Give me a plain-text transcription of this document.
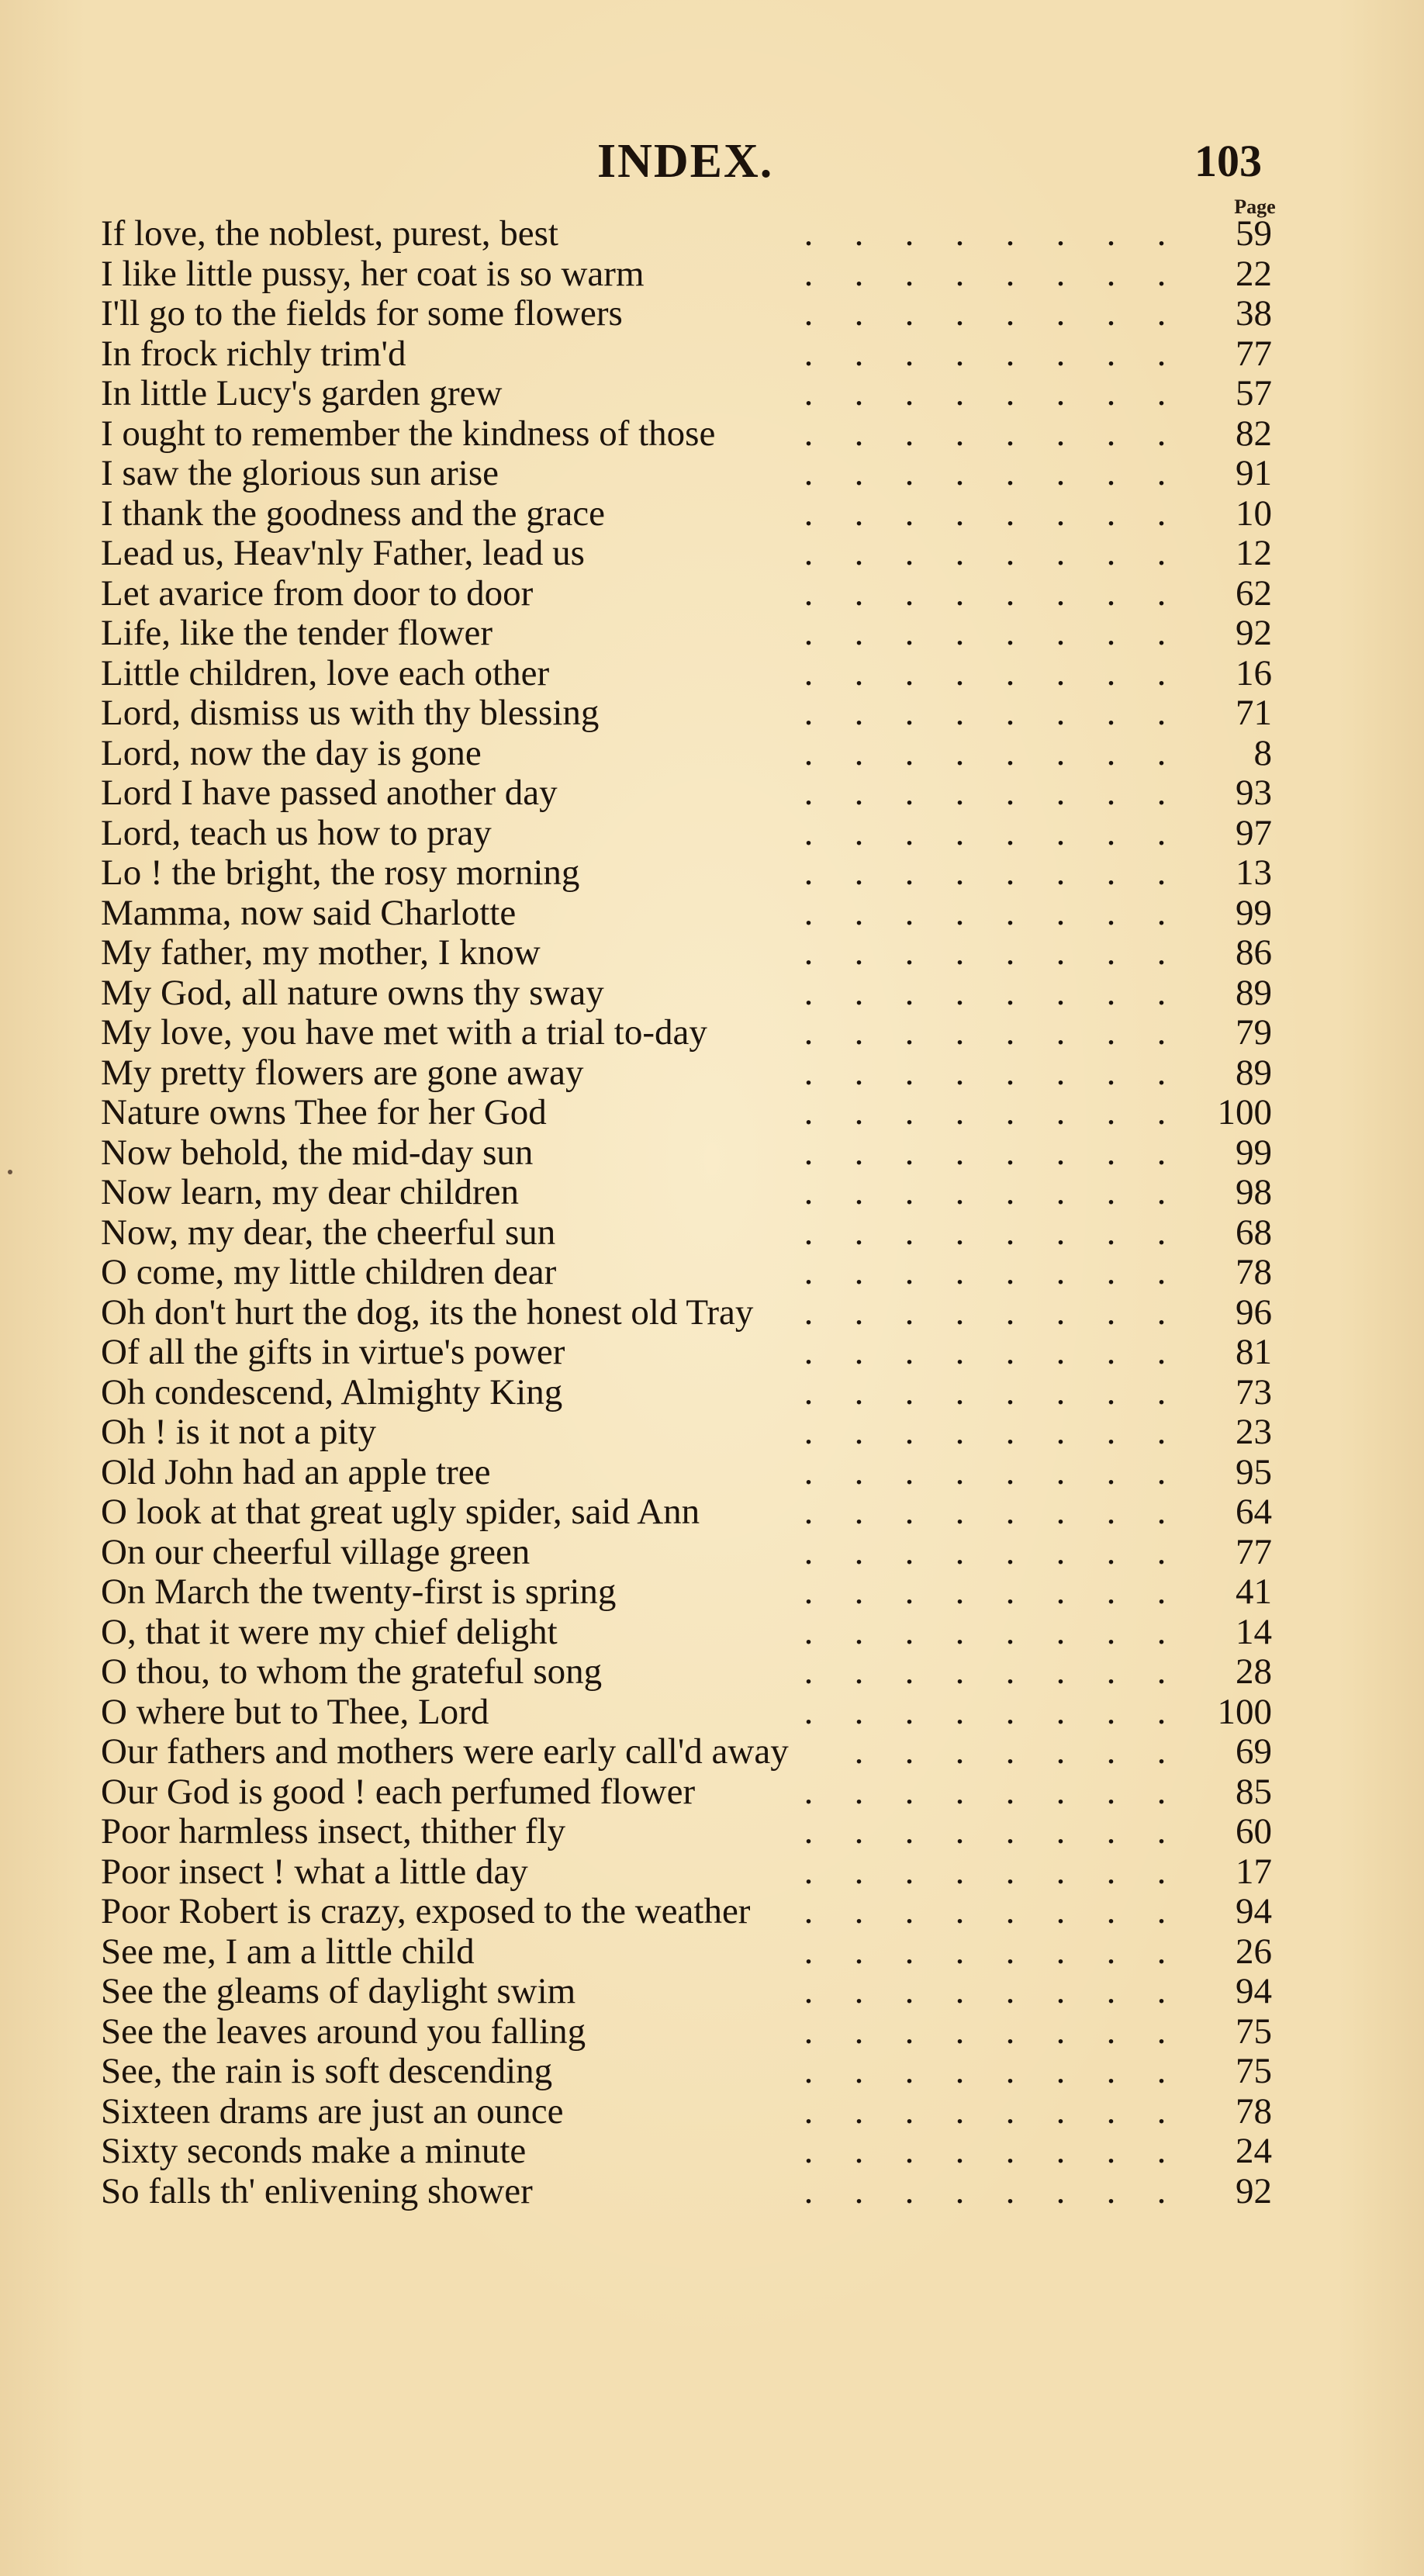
INDEX.	103
Page
. . . . . . . .
If love, the noblest, purest, best	59
. . . . . . . .
I like little pussy, her coat is so warm	22
. . . . . . . .
I'll go to the fields for some flowers	38
. . . . . . . .
In frock richly trim'd	77
. . . . . . . .
In little Lucy's garden grew	57
. . . . . . . .
I ought to remember the kindness of those	82
. . . . . . . .
I saw the glorious sun arise	91
. . . . . . . .
I thank the goodness and the grace	10
. . . . . . . .
Lead us, Heav'nly Father, lead us	12
. . . . . . . .
Let avarice from door to door	62
. . . . . . . .
Life, like the tender flower	92
. . . . . . . .
Little children, love each other	16
. . . . . . . .
Lord, dismiss us with thy blessing	71
. . . . . . . .
Lord, now the day is gone	8
. . . . . . . .
Lord I have passed another day	93
. . . . . . . .
Lord, teach us how to pray	97
. . . . . . . .
Lo ! the bright, the rosy morning	13
. . . . . . . .
Mamma, now said Charlotte	99
. . . . . . . .
My father, my mother, I know	86
. . . . . . . .
My God, all nature owns thy sway	89
. . . . . . . .
My love, you have met with a trial to-day	79
. . . . . . . .
My pretty flowers are gone away	89
. . . . . . . .
Nature owns Thee for her God	100
. . . . . . . .
Now behold, the mid-day sun	99
. . . . . . . .
Now learn, my dear children	98
. . . . . . . .
Now, my dear, the cheerful sun	68
. . . . . . . .
O come, my little children dear	78
. . . . . . . .
Oh don't hurt the dog, its the honest old Tray	96
. . . . . . . .
Of all the gifts in virtue's power	81
. . . . . . . .
Oh condescend, Almighty King	73
. . . . . . . .
Oh ! is it not a pity	23
. . . . . . . .
Old John had an apple tree	95
. . . . . . . .
O look at that great ugly spider, said Ann	64
. . . . . . . .
On our cheerful village green	77
. . . . . . . .
On March the twenty-first is spring	41
. . . . . . . .
O, that it were my chief delight	14
. . . . . . . .
O thou, to whom the grateful song	28
. . . . . . . .
O where but to Thee, Lord	100
. . . . . . .
Our fathers and mothers were early call'd away	69
. . . . . . . .
Our God is good ! each perfumed flower	85
. . . . . . . .
Poor harmless insect, thither fly	60
. . . . . . . .
Poor insect ! what a little day	17
. . . . . . . .
Poor Robert is crazy, exposed to the weather	94
. . . . . . . .
See me, I am a little child	26
. . . . . . . .
See the gleams of daylight swim	94
. . . . . . . .
See the leaves around you falling	75
. . . . . . . .
See, the rain is soft descending	75
. . . . . . . .
Sixteen drams are just an ounce	78
. . . . . . . .
Sixty seconds make a minute	24
. . . . . . . .
So falls th' enlivening shower	92
